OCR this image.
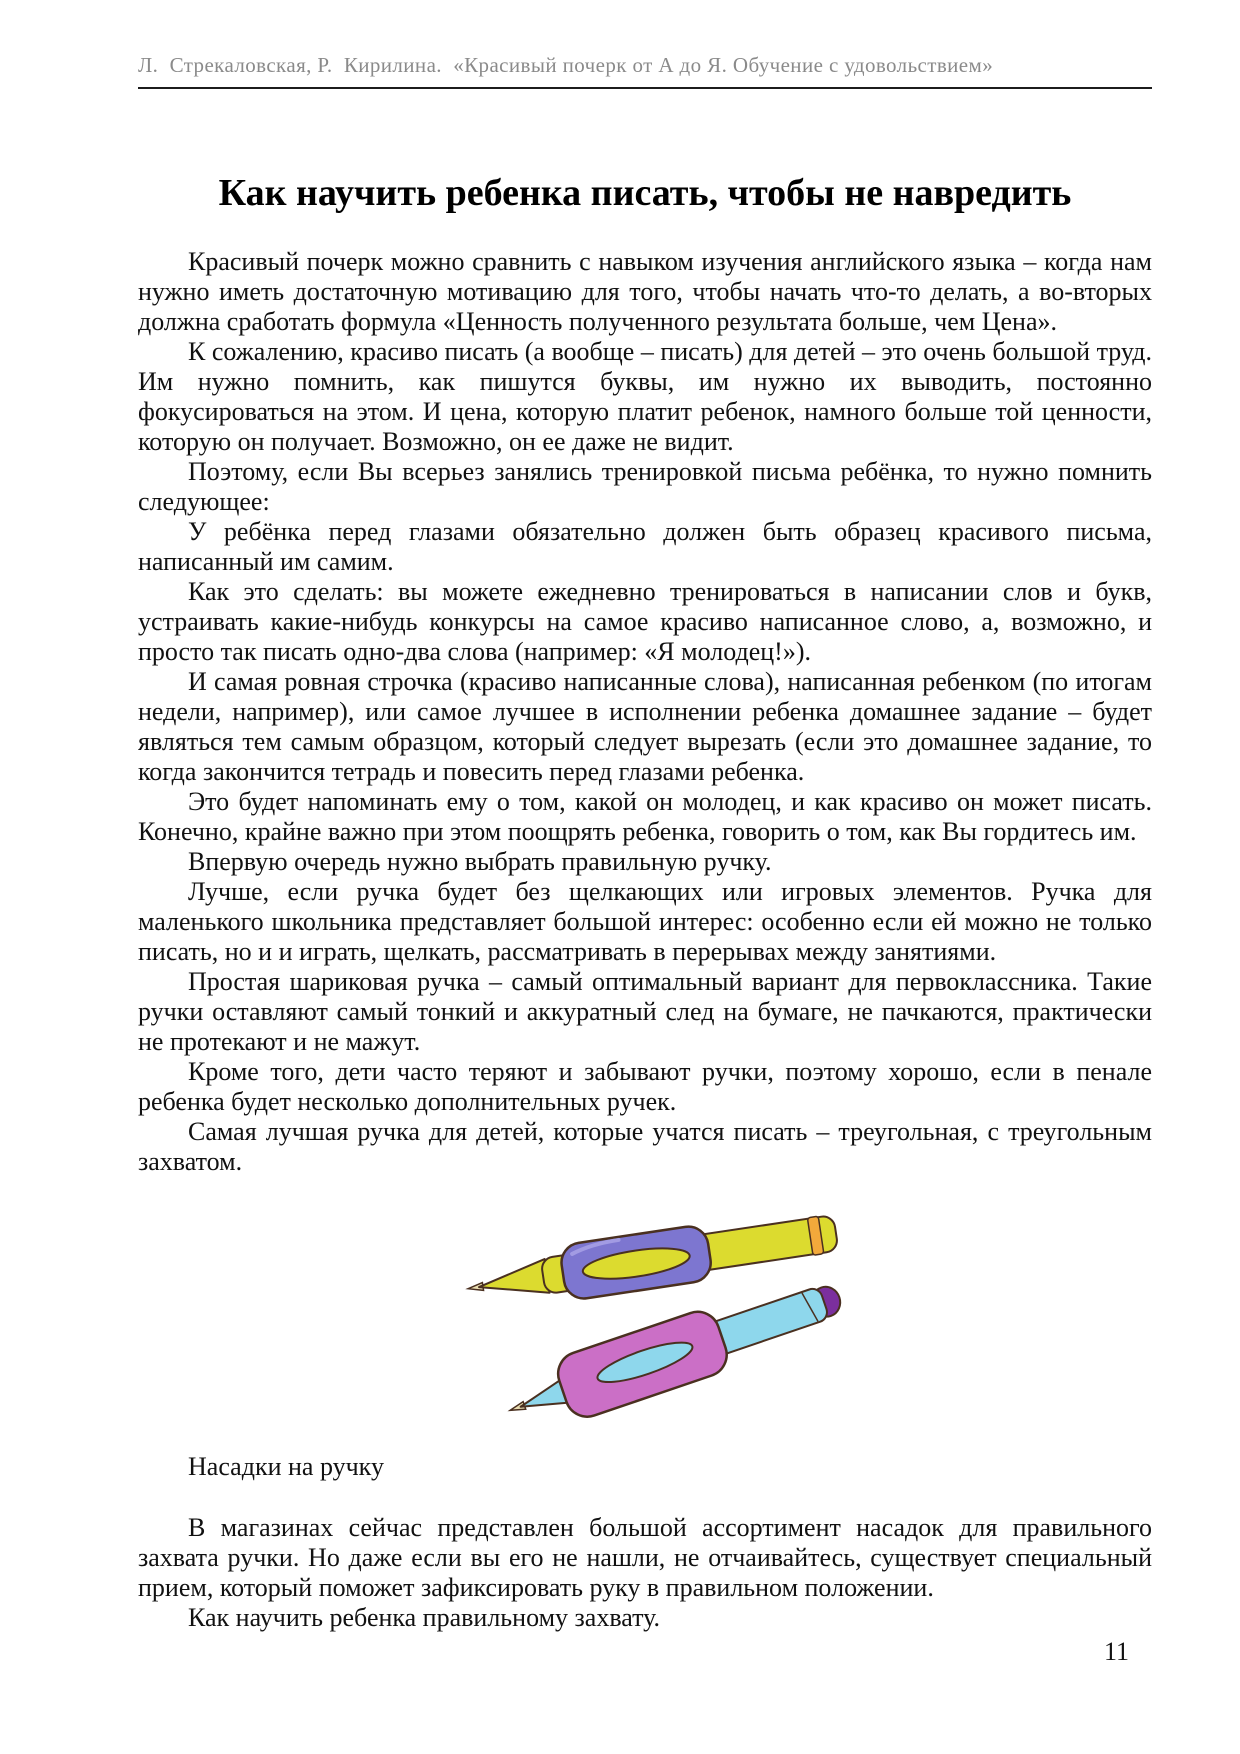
Л.  Стрекаловская, Р.  Кирилина.  «Красивый почерк от А до Я. Обучение с удовольствием»
Как научить ребенка писать, чтобы не навредить

Красивый почерк можно сравнить с навыком изучения английского языка – когда нам нужно иметь достаточную мотивацию для того, чтобы начать что-то делать, а во-вторых должна сработать формула «Ценность полученного результата больше, чем Цена».

К сожалению, красиво писать (а вообще – писать) для детей – это очень большой труд. Им нужно помнить, как пишутся буквы, им нужно их выводить, постоянно фокусироваться на этом. И цена, которую платит ребенок, намного больше той ценности, которую он получает. Возможно, он ее даже не видит.

Поэтому, если Вы всерьез занялись тренировкой письма ребёнка, то нужно помнить следующее:

У ребёнка перед глазами обязательно должен быть образец красивого письма, написанный им самим.

Как это сделать: вы можете ежедневно тренироваться в написании слов и букв, устраивать какие-нибудь конкурсы на самое красиво написанное слово, а, возможно, и просто так писать одно-два слова (например: «Я молодец!»).

И самая ровная строчка (красиво написанные слова), написанная ребенком (по итогам недели, например), или самое лучшее в исполнении ребенка домашнее задание – будет являться тем самым образцом, который следует вырезать (если это домашнее задание, то когда закончится тетрадь и повесить перед глазами ребенка.

Это будет напоминать ему о том, какой он молодец, и как красиво он может писать. Конечно, крайне важно при этом поощрять ребенка, говорить о том, как Вы гордитесь им.

Впервую очередь нужно выбрать правильную ручку.

Лучше, если ручка будет без щелкающих или игровых элементов. Ручка для маленького школьника представляет большой интерес: особенно если ей можно не только писать, но и и играть, щелкать, рассматривать в перерывах между занятиями.

Простая шариковая ручка – самый оптимальный вариант для первоклассника. Такие ручки оставляют самый тонкий и аккуратный след на бумаге, не пачкаются, практически не протекают и не мажут.

Кроме того, дети часто теряют и забывают ручки, поэтому хорошо, если в пенале ребенка будет несколько дополнительных ручек.

Самая лучшая ручка для детей, которые учатся писать – треугольная, с треугольным захватом.

Насадки на ручку

В магазинах сейчас представлен большой ассортимент насадок для правильного захвата ручки. Но даже если вы его не нашли, не отчаивайтесь, существует специальный прием, который поможет зафиксировать руку в правильном положении.

Как научить ребенка правильному захвату.

11
